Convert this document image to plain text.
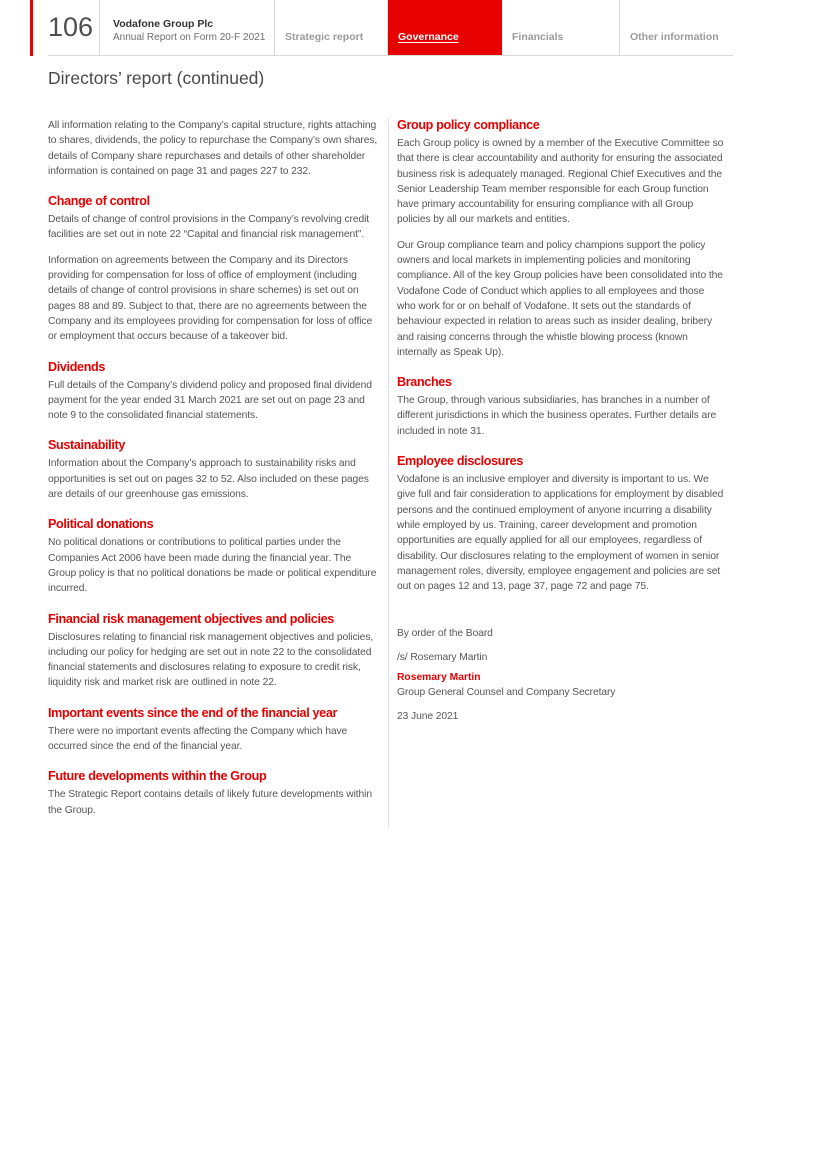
106	Vodafone Group Plc
Annual Report on Form 20-F 2021	Strategic report	Governance	Financials	Other information
Directors’ report (continued)

All information relating to the Company’s capital structure, rights attaching to shares, dividends, the policy to repurchase the Company’s own shares, details of Company share repurchases and details of other shareholder information is contained on page 31 and pages 227 to 232.

Change of control

Details of change of control provisions in the Company’s revolving credit facilities are set out in note 22 “Capital and financial risk management”.

Information on agreements between the Company and its Directors providing for compensation for loss of office of employment (including details of change of control provisions in share schemes) is set out on pages 88 and 89. Subject to that, there are no agreements between the Company and its employees providing for compensation for loss of office or employment that occurs because of a takeover bid.

Dividends

Full details of the Company’s dividend policy and proposed final dividend payment for the year ended 31 March 2021 are set out on page 23 and note 9 to the consolidated financial statements.

Sustainability

Information about the Company’s approach to sustainability risks and opportunities is set out on pages 32 to 52. Also included on these pages are details of our greenhouse gas emissions.

Political donations

No political donations or contributions to political parties under the Companies Act 2006 have been made during the financial year. The Group policy is that no political donations be made or political expenditure incurred.

Financial risk management objectives and policies

Disclosures relating to financial risk management objectives and policies, including our policy for hedging are set out in note 22 to the consolidated financial statements and disclosures relating to exposure to credit risk, liquidity risk and market risk are outlined in note 22.

Important events since the end of the financial year

There were no important events affecting the Company which have occurred since the end of the financial year.

Future developments within the Group

The Strategic Report contains details of likely future developments within the Group.

Group policy compliance

Each Group policy is owned by a member of the Executive Committee so that there is clear accountability and authority for ensuring the associated business risk is adequately managed. Regional Chief Executives and the Senior Leadership Team member responsible for each Group function have primary accountability for ensuring compliance with all Group policies by all our markets and entities.

Our Group compliance team and policy champions support the policy owners and local markets in implementing policies and monitoring compliance. All of the key Group policies have been consolidated into the Vodafone Code of Conduct which applies to all employees and those who work for or on behalf of Vodafone. It sets out the standards of behaviour expected in relation to areas such as insider dealing, bribery and raising concerns through the whistle blowing process (known internally as Speak Up).

Branches

The Group, through various subsidiaries, has branches in a number of different jurisdictions in which the business operates. Further details are included in note 31.

Employee disclosures

Vodafone is an inclusive employer and diversity is important to us. We give full and fair consideration to applications for employment by disabled persons and the continued employment of anyone incurring a disability while employed by us. Training, career development and promotion opportunities are equally applied for all our employees, regardless of disability. Our disclosures relating to the employment of women in senior management roles, diversity, employee engagement and policies are set out on pages 12 and 13, page 37, page 72 and page 75.

By order of the Board

/s/ Rosemary Martin

Rosemary Martin

Group General Counsel and Company Secretary

23 June 2021
